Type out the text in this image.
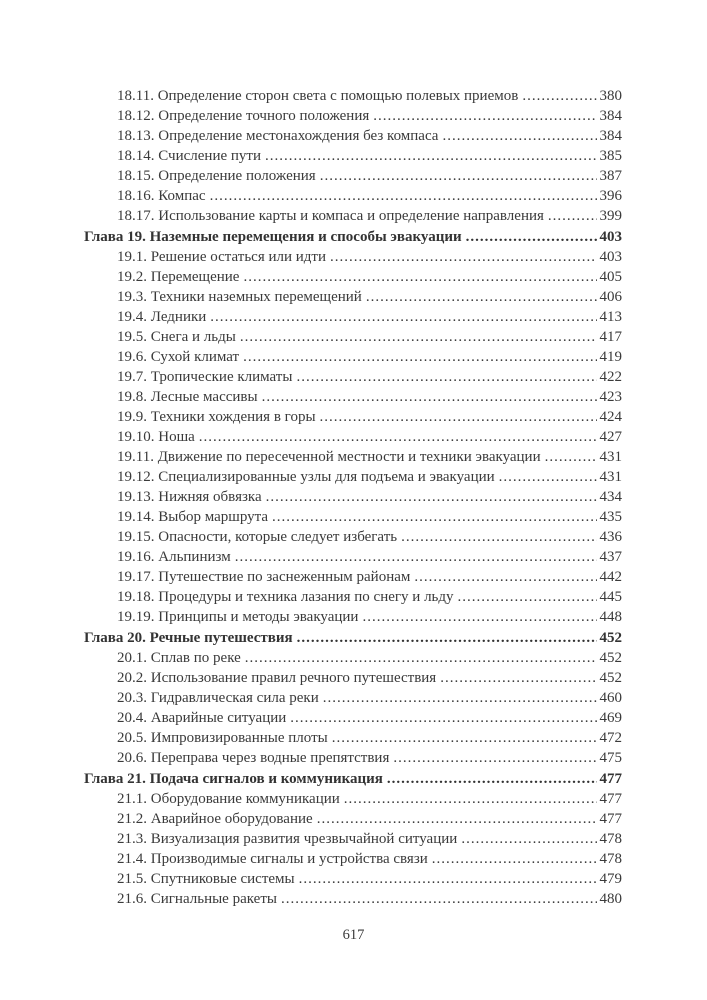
18.11. Определение сторон света с помощью полевых приемов .....	380
18.12. Определение точного положения .....	384
18.13. Определение местонахождения без компаса .....	384
18.14. Счисление пути .....	385
18.15. Определение положения .....	387
18.16. Компас .....	396
18.17. Использование карты и компаса и определение направления .....	399
Глава 19. Наземные перемещения и способы эвакуации .....	403
19.1. Решение остаться или идти .....	403
19.2. Перемещение .....	405
19.3. Техники наземных перемещений .....	406
19.4. Ледники .....	413
19.5. Снега и льды .....	417
19.6. Сухой климат .....	419
19.7. Тропические климаты .....	422
19.8. Лесные массивы .....	423
19.9. Техники хождения в горы .....	424
19.10. Ноша .....	427
19.11. Движение по пересеченной местности и техники эвакуации .....	431
19.12. Специализированные узлы для подъема и эвакуации .....	431
19.13. Нижняя обвязка .....	434
19.14. Выбор маршрута .....	435
19.15. Опасности, которые следует избегать .....	436
19.16. Альпинизм .....	437
19.17. Путешествие по заснеженным районам .....	442
19.18. Процедуры и техника лазания по снегу и льду .....	445
19.19. Принципы и методы эвакуации .....	448
Глава 20. Речные путешествия .....	452
20.1. Сплав по реке .....	452
20.2. Использование правил речного путешествия .....	452
20.3. Гидравлическая сила реки .....	460
20.4. Аварийные ситуации .....	469
20.5. Импровизированные плоты .....	472
20.6. Переправа через водные препятствия .....	475
Глава 21. Подача сигналов и коммуникация .....	477
21.1. Оборудование коммуникации .....	477
21.2. Аварийное оборудование .....	477
21.3. Визуализация развития чрезвычайной ситуации .....	478
21.4. Производимые сигналы и устройства связи .....	478
21.5. Спутниковые системы .....	479
21.6. Сигнальные ракеты .....	480
617
